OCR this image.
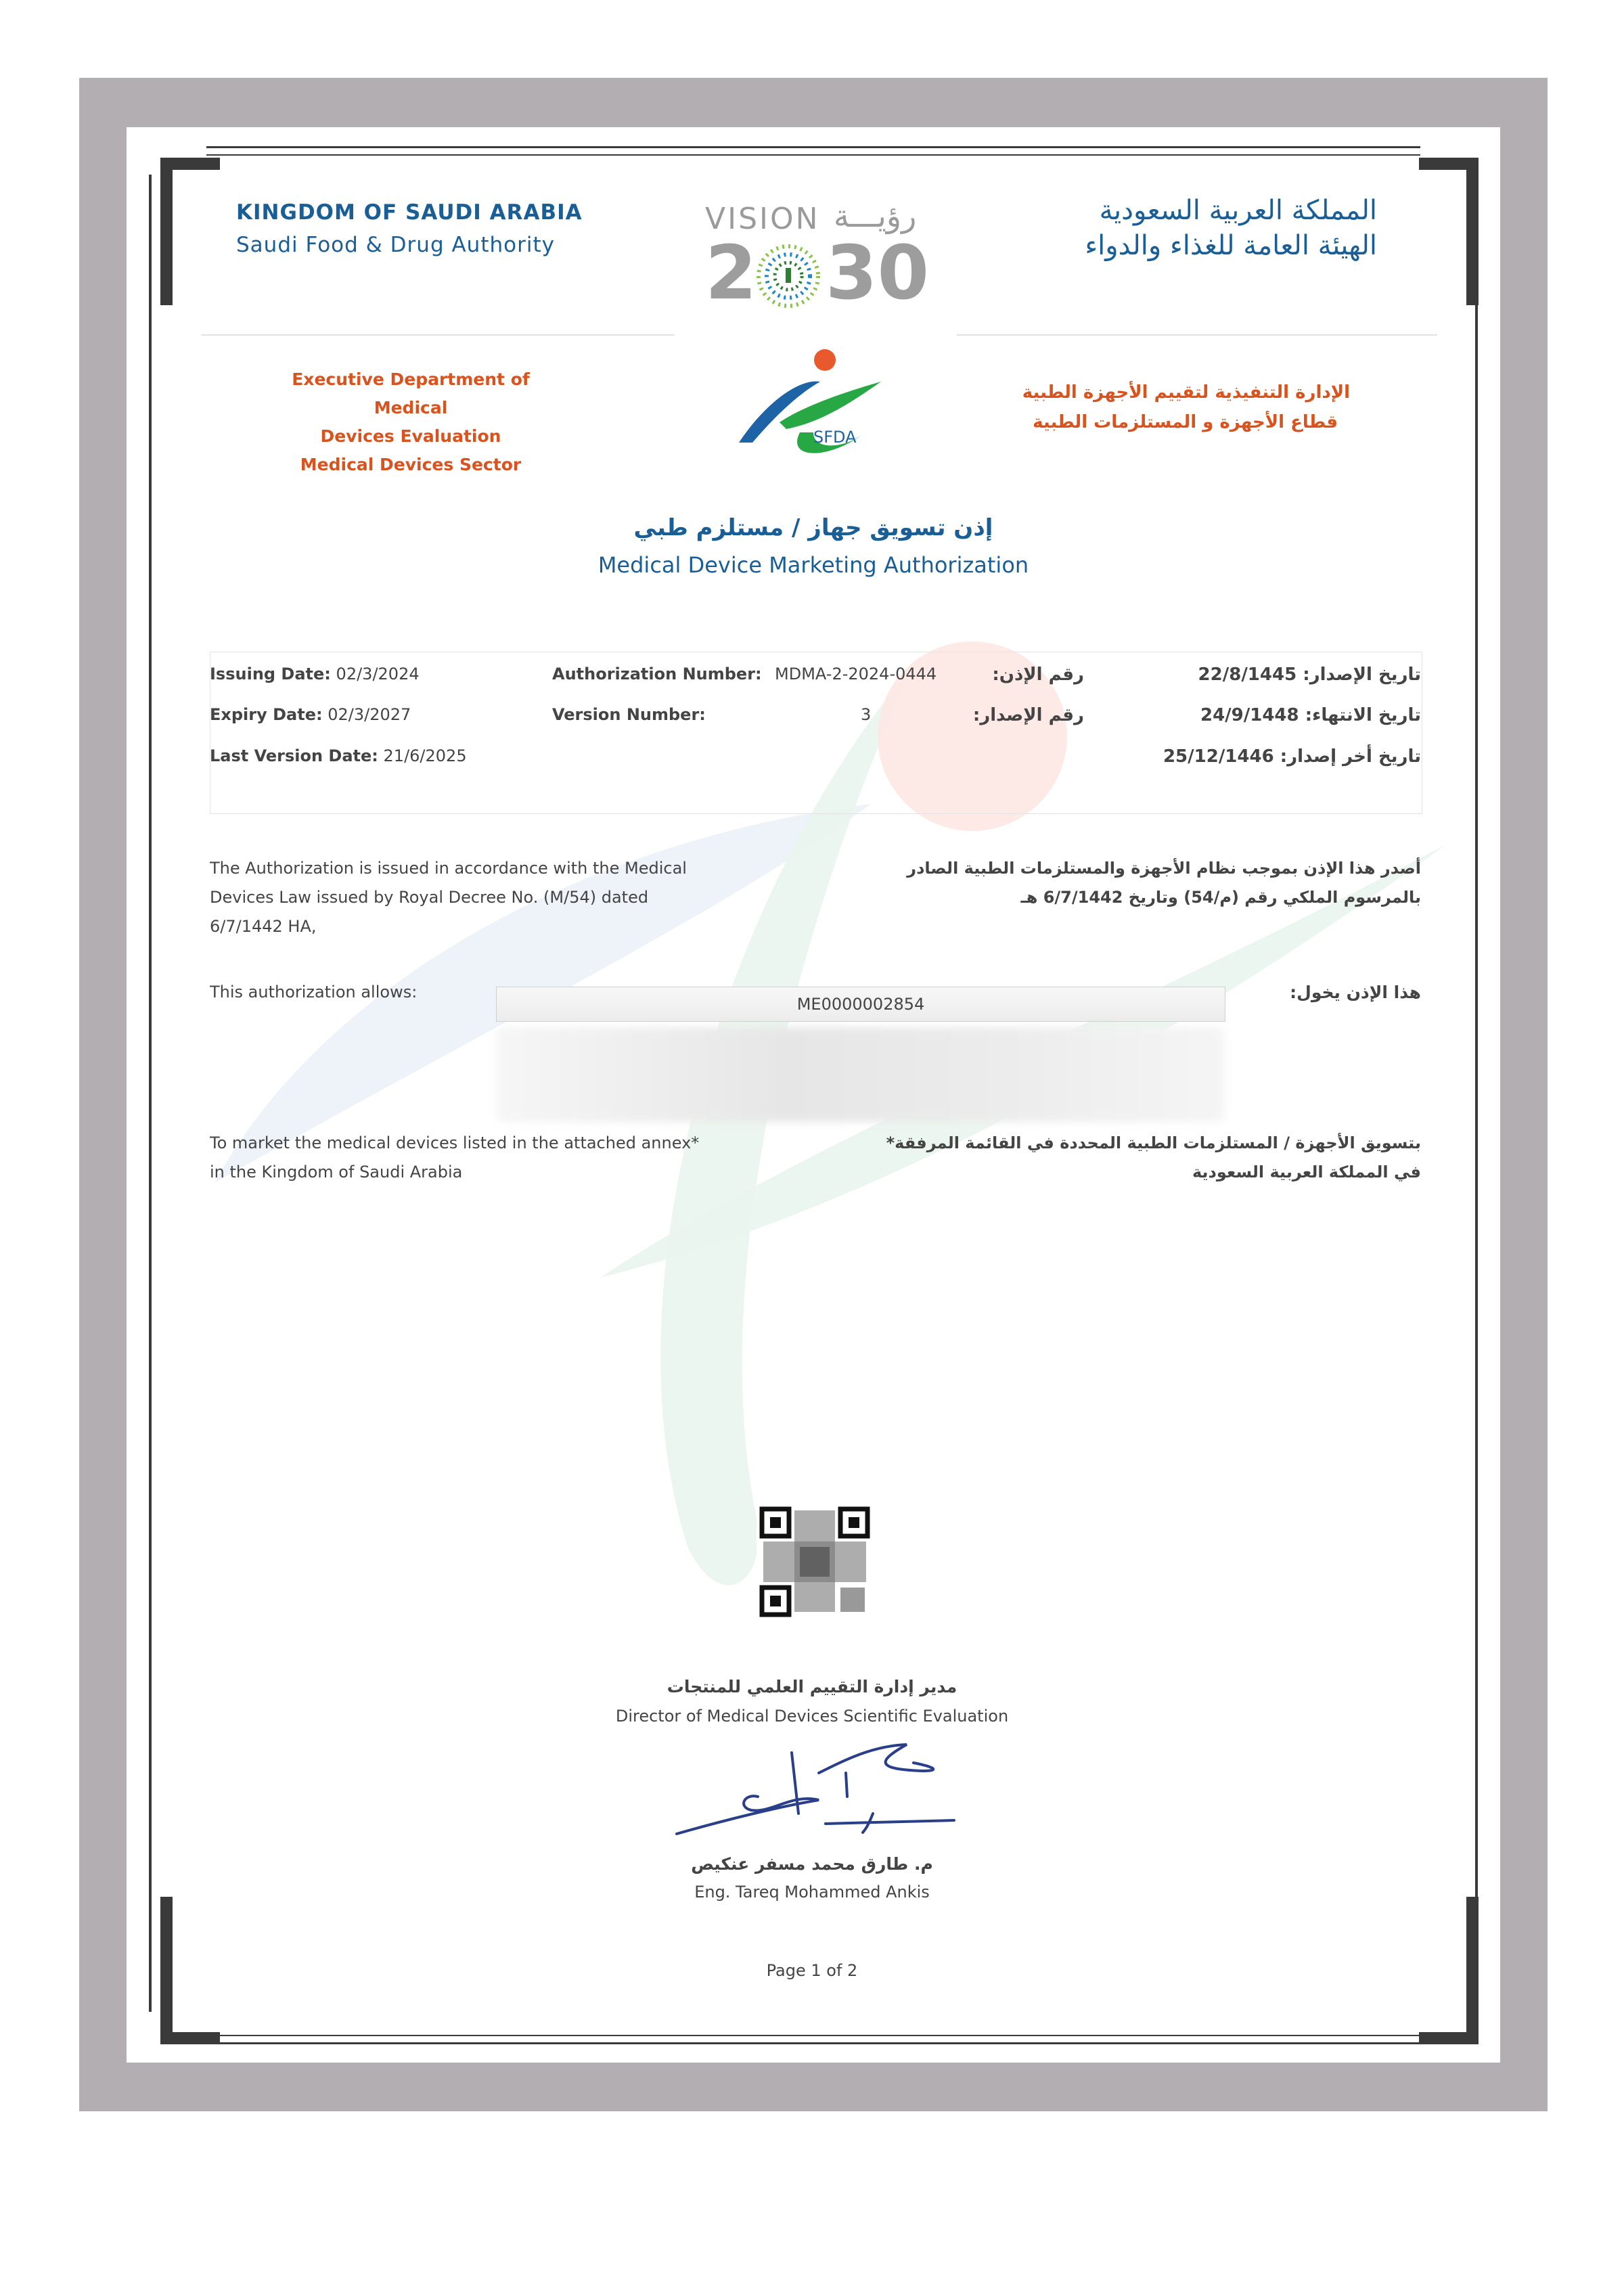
KINGDOM OF SAUDI ARABIA
Saudi Food & Drug Authority
المملكة العربية السعودية
الهيئة العامة للغذاء والدواء
VISION رؤيـــة
2 30
Executive Department of Medical
Devices Evaluation
Medical Devices Sector
SFDA
الإدارة التنفيذية لتقييم الأجهزة الطبية
قطاع الأجهزة و المستلزمات الطبية
إذن تسويق جهاز / مستلزم طبي
Medical Device Marketing Authorization
Issuing Date: 02/3/2024
Expiry Date: 02/3/2027
Last Version Date: 21/6/2025
Authorization Number: MDMA-2-2024-0444
Version Number:	3
رقم الإذن:
رقم الإصدار:
تاريخ الإصدار: 22/8/1445
تاريخ الانتهاء: 24/9/1448
تاريخ أخر إصدار: 25/12/1446
The Authorization is issued in accordance with the Medical
Devices Law issued by Royal Decree No. (M/54) dated
6/7/1442 HA,
أصدر هذا الإذن بموجب نظام الأجهزة والمستلزمات الطبية الصادر
بالمرسوم الملكي رقم (م/54) وتاريخ 6/7/1442 هـ
This authorization allows:	هذا الإذن يخول:
ME0000002854
To market the medical devices listed in the attached annex*
in the Kingdom of Saudi Arabia
بتسويق الأجهزة / المستلزمات الطبية المحددة في القائمة المرفقة*
في المملكة العربية السعودية
مدير إدارة التقييم العلمي للمنتجات
Director of Medical Devices Scientific Evaluation
م. طارق محمد مسفر عنكيص
Eng. Tareq Mohammed Ankis
Page 1 of 2
